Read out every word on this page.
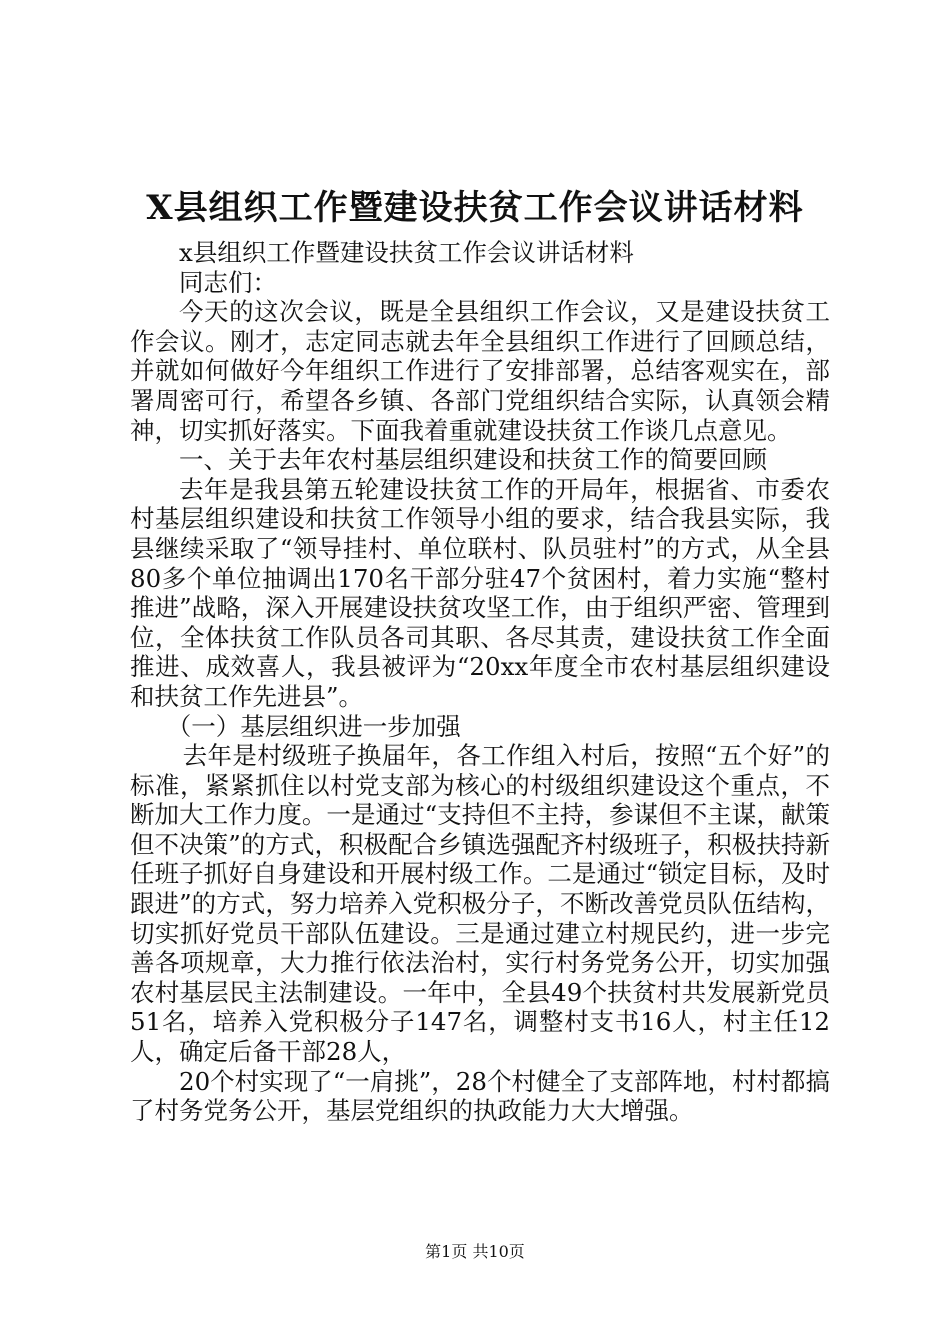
X县组织工作暨建设扶贫工作会议讲话材料

x县组织工作暨建设扶贫工作会议讲话材料

同志们：

今天的这次会议，既是全县组织工作会议，又是建设扶贫工作会议。刚才，志定同志就去年全县组织工作进行了回顾总结，并就如何做好今年组织工作进行了安排部署，总结客观实在，部署周密可行，希望各乡镇、各部门党组织结合实际，认真领会精神，切实抓好落实。下面我着重就建设扶贫工作谈几点意见。

一、关于去年农村基层组织建设和扶贫工作的简要回顾

去年是我县第五轮建设扶贫工作的开局年，根据省、市委农村基层组织建设和扶贫工作领导小组的要求，结合我县实际，我县继续采取了“领导挂村、单位联村、队员驻村”的方式，从全县80多个单位抽调出170名干部分驻47个贫困村，着力实施“整村推进”战略，深入开展建设扶贫攻坚工作，由于组织严密、管理到位，全体扶贫工作队员各司其职、各尽其责，建设扶贫工作全面推进、成效喜人，我县被评为“20xx年度全市农村基层组织建设和扶贫工作先进县”。

（一）基层组织进一步加强

去年是村级班子换届年，各工作组入村后，按照“五个好”的标准，紧紧抓住以村党支部为核心的村级组织建设这个重点，不断加大工作力度。一是通过“支持但不主持，参谋但不主谋，献策但不决策”的方式，积极配合乡镇选强配齐村级班子，积极扶持新任班子抓好自身建设和开展村级工作。二是通过“锁定目标，及时跟进”的方式，努力培养入党积极分子，不断改善党员队伍结构，切实抓好党员干部队伍建设。三是通过建立村规民约，进一步完善各项规章，大力推行依法治村，实行村务党务公开，切实加强农村基层民主法制建设。一年中，全县49个扶贫村共发展新党员51名，培养入党积极分子147名，调整村支书16人，村主任12人，确定后备干部28人，

20个村实现了“一肩挑”，28个村健全了支部阵地，村村都搞了村务党务公开，基层党组织的执政能力大大增强。

第1页 共10页
